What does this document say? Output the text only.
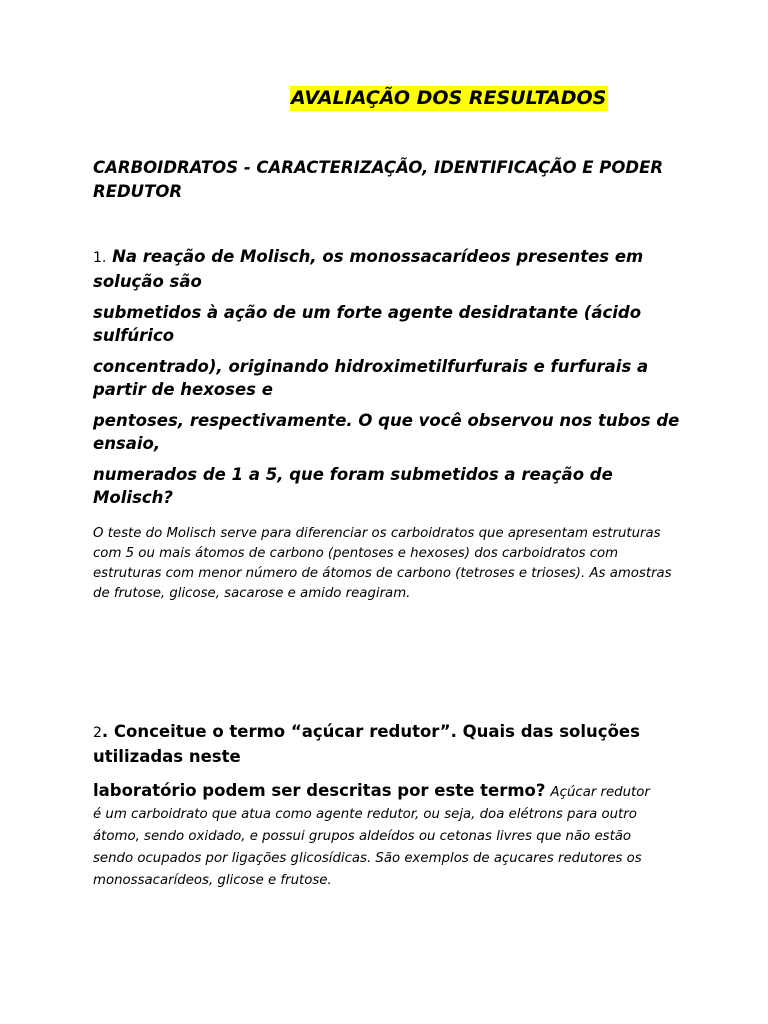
AVALIAÇÃO DOS RESULTADOS
CARBOIDRATOS - CARACTERIZAÇÃO, IDENTIFICAÇÃO E PODER REDUTOR

1. Na reação de Molisch, os monossacarídeos presentes em solução são

submetidos à ação de um forte agente desidratante (ácido sulfúrico

concentrado), originando hidroximetilfurfurais e furfurais a partir de hexoses e

pentoses, respectivamente. O que você observou nos tubos de ensaio,

numerados de 1 a 5, que foram submetidos a reação de Molisch?

O teste do Molisch serve para diferenciar os carboidratos que apresentam estruturas com 5 ou mais átomos de carbono (pentoses e hexoses) dos carboidratos com estruturas com menor número de átomos de carbono (tetroses e trioses). As amostras de frutose, glicose, sacarose e amido reagiram.

2. Conceitue o termo “açúcar redutor”. Quais das soluções utilizadas neste

laboratório podem ser descritas por este termo? Açúcar redutor é um carboidrato que atua como agente redutor, ou seja, doa elétrons para outro átomo, sendo oxidado, e possui grupos aldeídos ou cetonas livres que não estão sendo ocupados por ligações glicosídicas. São exemplos de açucares redutores os monossacarídeos, glicose e frutose.
